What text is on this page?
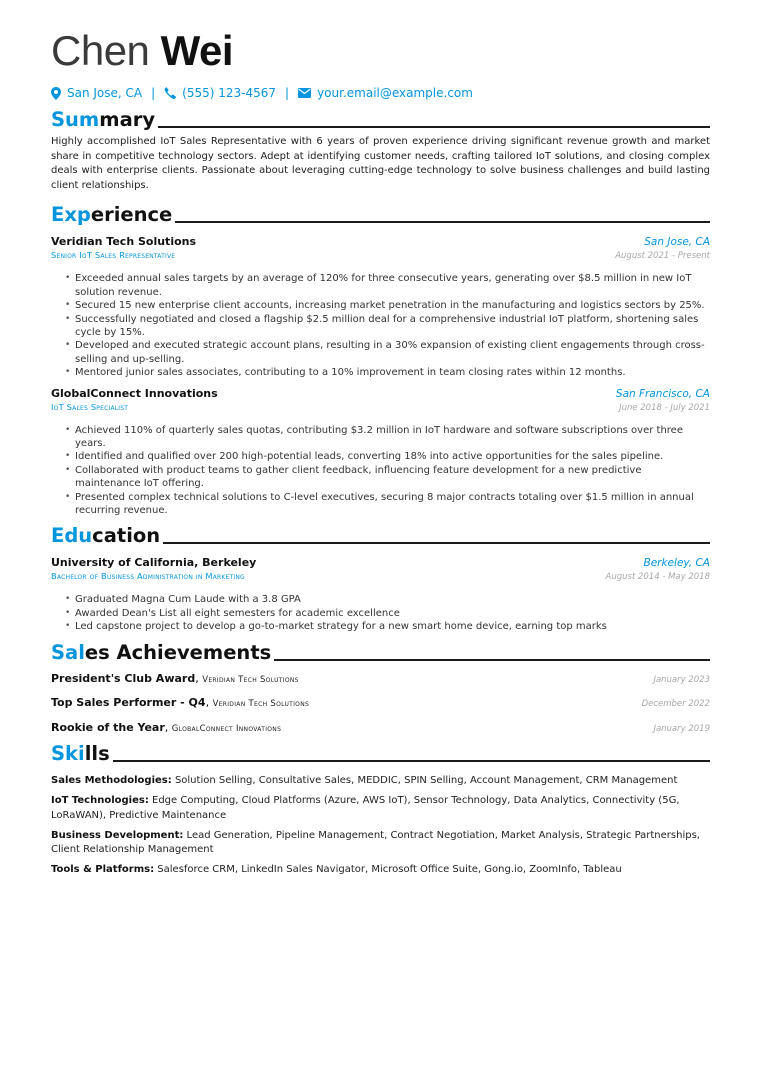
Chen Wei
San Jose, CA | (555) 123-4567 | your.email@example.com
Summary

Highly accomplished IoT Sales Representative with 6 years of proven experience driving significant revenue growth and market share in competitive technology sectors. Adept at identifying customer needs, crafting tailored IoT solutions, and closing complex deals with enterprise clients. Passionate about leveraging cutting-edge technology to solve business challenges and build lasting client relationships.

Experience
Veridian Tech Solutions	San Jose, CA
Senior IoT Sales Representative	August 2021 - Present
• Exceeded annual sales targets by an average of 120% for three consecutive years, generating over $8.5 million in new IoT solution revenue.
• Secured 15 new enterprise client accounts, increasing market penetration in the manufacturing and logistics sectors by 25%.
• Successfully negotiated and closed a flagship $2.5 million deal for a comprehensive industrial IoT platform, shortening sales cycle by 15%.
• Developed and executed strategic account plans, resulting in a 30% expansion of existing client engagements through cross-selling and up-selling.
• Mentored junior sales associates, contributing to a 10% improvement in team closing rates within 12 months.
GlobalConnect Innovations	San Francisco, CA
IoT Sales Specialist	June 2018 - July 2021
• Achieved 110% of quarterly sales quotas, contributing $3.2 million in IoT hardware and software subscriptions over three years.
• Identified and qualified over 200 high-potential leads, converting 18% into active opportunities for the sales pipeline.
• Collaborated with product teams to gather client feedback, influencing feature development for a new predictive maintenance IoT offering.
• Presented complex technical solutions to C-level executives, securing 8 major contracts totaling over $1.5 million in annual recurring revenue.
Education
University of California, Berkeley	Berkeley, CA
Bachelor of Business Administration in Marketing	August 2014 - May 2018
• Graduated Magna Cum Laude with a 3.8 GPA
• Awarded Dean's List all eight semesters for academic excellence
• Led capstone project to develop a go-to-market strategy for a new smart home device, earning top marks
Sales Achievements
President's Club Award, Veridian Tech Solutions	January 2023
Top Sales Performer - Q4, Veridian Tech Solutions	December 2022
Rookie of the Year, GlobalConnect Innovations	January 2019
Skills

Sales Methodologies: Solution Selling, Consultative Sales, MEDDIC, SPIN Selling, Account Management, CRM Management

IoT Technologies: Edge Computing, Cloud Platforms (Azure, AWS IoT), Sensor Technology, Data Analytics, Connectivity (5G, LoRaWAN), Predictive Maintenance

Business Development: Lead Generation, Pipeline Management, Contract Negotiation, Market Analysis, Strategic Partnerships, Client Relationship Management

Tools & Platforms: Salesforce CRM, LinkedIn Sales Navigator, Microsoft Office Suite, Gong.io, ZoomInfo, Tableau
